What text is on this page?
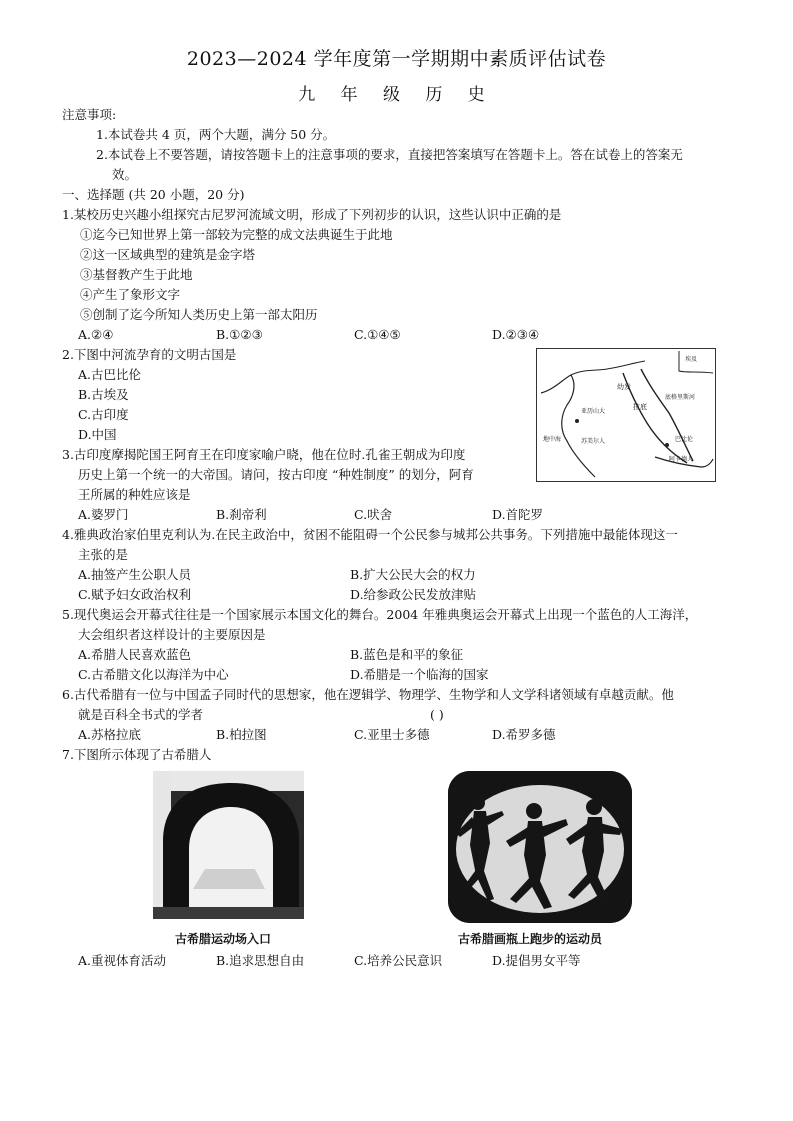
2023—2024 学年度第一学期期中素质评估试卷
九 年 级 历 史
注意事项:
1.本试卷共 4 页，两个大题，满分 50 分。
2.本试卷上不要答题，请按答题卡上的注意事项的要求，直接把答案填写在答题卡上。答在试卷上的答案无
效。
一、选择题 (共 20 小题，20 分)
1.某校历史兴趣小组探究古尼罗河流域文明，形成了下列初步的认识，这些认识中正确的是
①迄今已知世界上第一部较为完整的成文法典诞生于此地
②这一区域典型的建筑是金字塔
③基督教产生于此地
④产生了象形文字
⑤创制了迄今所知人类历史上第一部太阳历
A.②④	B.①②③	C.①④⑤	D.②③④
2.下图中河流孕育的文明古国是
A.古巴比伦
B.古埃及
C.古印度
D.中国
埃及
地中海
幼发
拉底
底格里斯河
亚历山大
苏美尔人	巴比伦
阿卡德人
3.古印度摩揭陀国王阿育王在印度家喻户晓，他在位时.孔雀王朝成为印度
历史上第一个统一的大帝国。请问，按古印度 “种姓制度” 的划分，阿育
王所属的种姓应该是
A.婆罗门	B.刹帝利	C.吠舍	D.首陀罗
4.雅典政治家伯里克利认为.在民主政治中，贫困不能阻碍一个公民参与城邦公共事务。下列措施中最能体现这一
主张的是
A.抽签产生公职人员	B.扩大公民大会的权力
C.赋予妇女政治权利	D.给参政公民发放津贴
5.现代奥运会开幕式往往是一个国家展示本国文化的舞台。2004 年雅典奥运会开幕式上出现一个蓝色的人工海洋，
大会组织者这样设计的主要原因是
A.希腊人民喜欢蓝色	B.蓝色是和平的象征
C.古希腊文化以海洋为中心	D.希腊是一个临海的国家
6.古代希腊有一位与中国孟子同时代的思想家，他在逻辑学、物理学、生物学和人文学科诸领域有卓越贡献。他
就是百科全书式的学者	( )
A.苏格拉底	B.柏拉图	C.亚里士多德	D.希罗多德
7.下图所示体现了古希腊人
古希腊运动场入口	古希腊画瓶上跑步的运动员
A.重视体育活动	B.追求思想自由	C.培养公民意识	D.提倡男女平等
